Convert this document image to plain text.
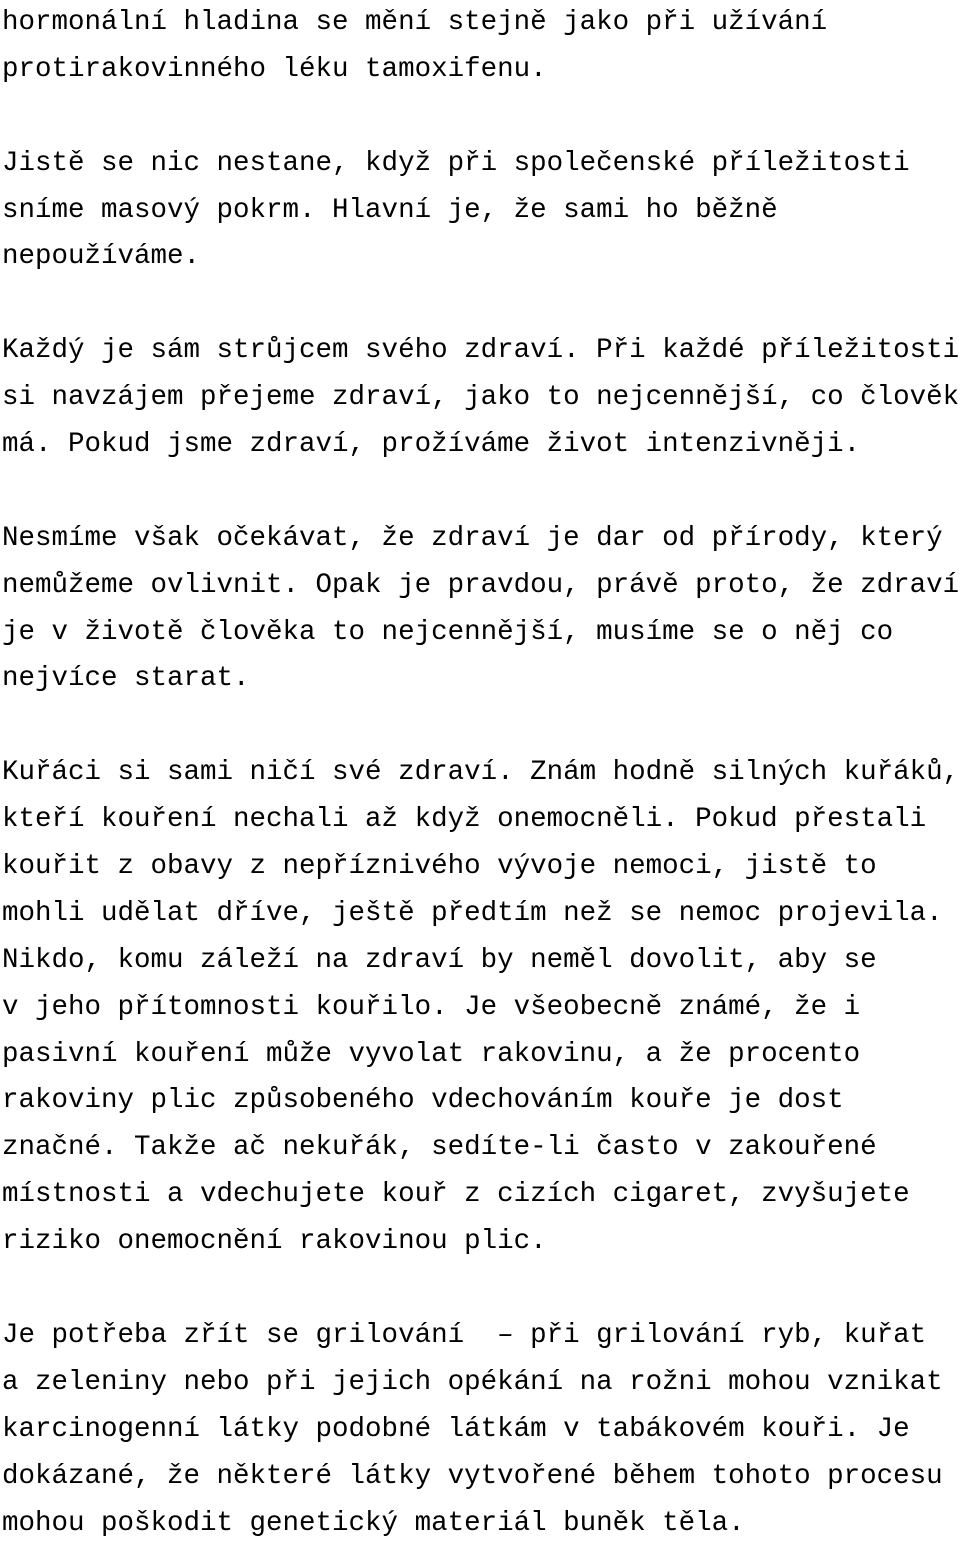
hormonální hladina se mění stejně jako při užívání
protirakovinného léku tamoxifenu.

Jistě se nic nestane, když při společenské příležitosti
sníme masový pokrm. Hlavní je, že sami ho běžně
nepoužíváme.

Každý je sám strůjcem svého zdraví. Při každé příležitosti
si navzájem přejeme zdraví, jako to nejcennější, co člověk
má. Pokud jsme zdraví, prožíváme život intenzivněji.

Nesmíme však očekávat, že zdraví je dar od přírody, který
nemůžeme ovlivnit. Opak je pravdou, právě proto, že zdraví
je v životě člověka to nejcennější, musíme se o něj co
nejvíce starat.

Kuřáci si sami ničí své zdraví. Znám hodně silných kuřáků,
kteří kouření nechali až když onemocněli. Pokud přestali
kouřit z obavy z nepříznivého vývoje nemoci, jistě to
mohli udělat dříve, ještě předtím než se nemoc projevila.
Nikdo, komu záleží na zdraví by neměl dovolit, aby se
v jeho přítomnosti kouřilo. Je všeobecně známé, že i
pasivní kouření může vyvolat rakovinu, a že procento
rakoviny plic způsobeného vdechováním kouře je dost
značné. Takže ač nekuřák, sedíte-li často v zakouřené
místnosti a vdechujete kouř z cizích cigaret, zvyšujete
riziko onemocnění rakovinou plic.

Je potřeba zřít se grilování  – při grilování ryb, kuřat
a zeleniny nebo při jejich opékání na rožni mohou vznikat
karcinogenní látky podobné látkám v tabákovém kouři. Je
dokázané, že některé látky vytvořené během tohoto procesu
mohou poškodit genetický materiál buněk těla.
